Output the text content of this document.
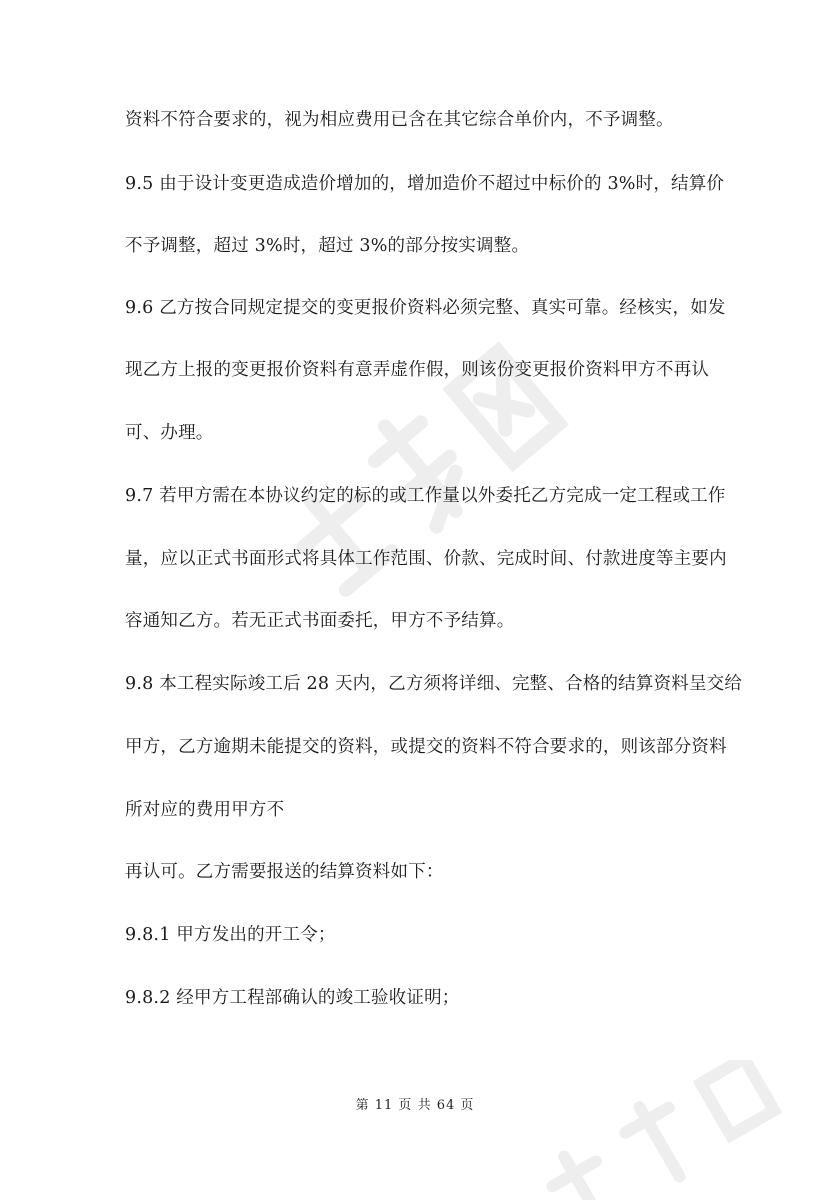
资料不符合要求的，视为相应费用已含在其它综合单价内，不予调整。
9.5 由于设计变更造成造价增加的，增加造价不超过中标价的 3%时，结算价
不予调整，超过 3%时，超过 3%的部分按实调整。
9.6 乙方按合同规定提交的变更报价资料必须完整、真实可靠。经核实，如发
现乙方上报的变更报价资料有意弄虚作假，则该份变更报价资料甲方不再认
可、办理。
9.7 若甲方需在本协议约定的标的或工作量以外委托乙方完成一定工程或工作
量，应以正式书面形式将具体工作范围、价款、完成时间、付款进度等主要内
容通知乙方。若无正式书面委托，甲方不予结算。
9.8 本工程实际竣工后 28 天内，乙方须将详细、完整、合格的结算资料呈交给
甲方，乙方逾期未能提交的资料，或提交的资料不符合要求的，则该部分资料
所对应的费用甲方不
再认可。乙方需要报送的结算资料如下：
9.8.1 甲方发出的开工令；
9.8.2 经甲方工程部确认的竣工验收证明；
第 11 页 共 64 页
